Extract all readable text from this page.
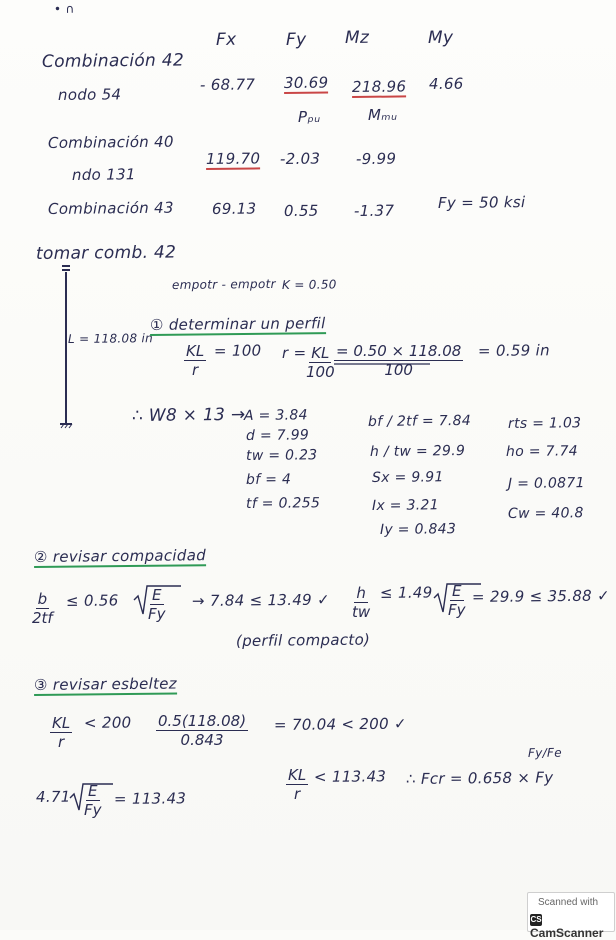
• ∩
Fx	Fy Mz	My
Combinación 42
nodo 54
- 68.77 30.69 218.96 4.66
Pₚᵤ	Mₘᵤ
Combinación 40
ndo 131
119.70 -2.03 -9.99
Combinación 43	69.13 0.55 -1.37	Fy = 50 ksi
tomar comb. 42
empotr - empotr K = 0.50
L = 118.08 in
① determinar un perfil
$\frac{KL}{r} = 100$ $r = \frac{KL}{100} \frac{= 0.50 \times 118.08}{100} = 0.59$ in
∴ W8 × 13 →
A = 3.84
d = 7.99
tw = 0.23
bf = 4
tf = 0.255
bf / 2tf = 7.84
h / tw = 29.9
Sx = 9.91
Ix = 3.21
Iy = 0.843
rts = 1.03
ho = 7.74
J = 0.0871
Cw = 40.8
② revisar compacidad
$\frac{b}{2tf} \le 0.56 \frac{E}{Fy} \to 7.84 \le 13.49$ ✓ $\frac{h}{tw} \le 1.49 \frac{E}{Fy} = 29.9 \le 35.88$ ✓
(perfil compacto)
③ revisar esbeltez
$\frac{KL}{r} < 200 \frac{0.5(118.08)}{0.843} = 70.04 < 200$ ✓
Fy/Fe
$4.71 \frac{E}{Fy} = 113.43$	$\frac{KL}{r} < 113.43$ ∴ Fcr = 0.658 × Fy
Scanned with
CSCamScanner
